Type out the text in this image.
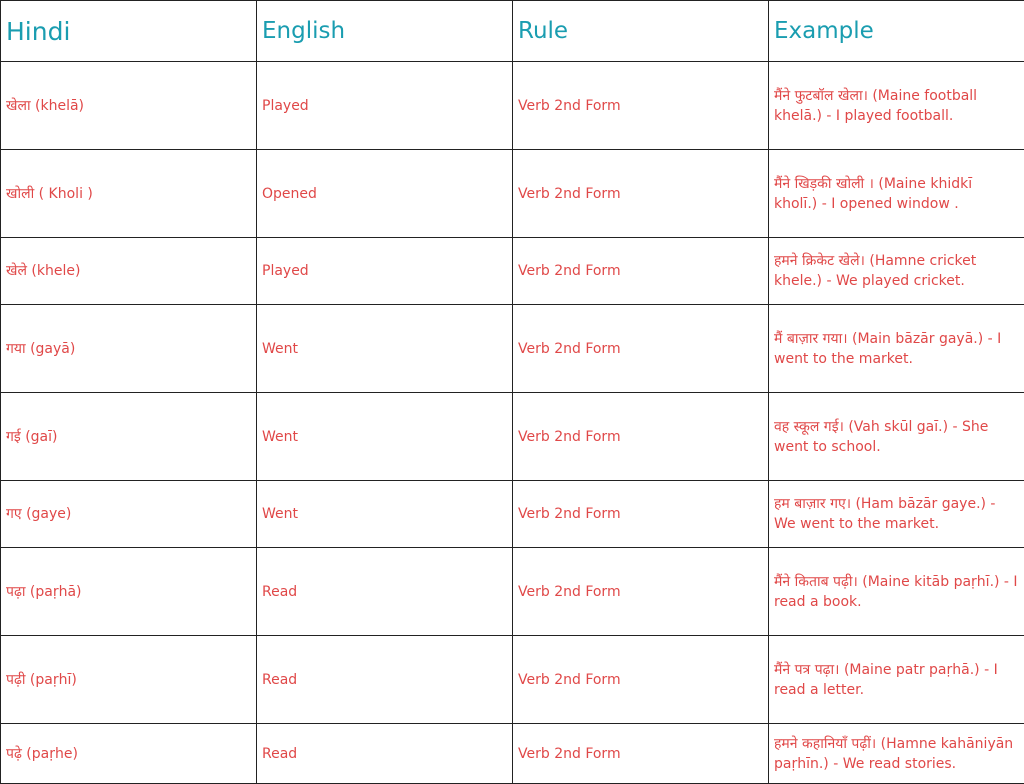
Hindi	English	Rule	Example
खेला (khelā)	Played	Verb 2nd Form	मैंने फुटबॉल खेला। (Maine football khelā.) - I played football.
खोली ( Kholi )	Opened	Verb 2nd Form	मैंने खिड़की खोली । (Maine khidkī kholī.) - I opened window .
खेले (khele)	Played	Verb 2nd Form	हमने क्रिकेट खेले। (Hamne cricket khele.) - We played cricket.
गया (gayā)	Went	Verb 2nd Form	मैं बाज़ार गया। (Main bāzār gayā.) - I went to the market.
गई (gaī)	Went	Verb 2nd Form	वह स्कूल गई। (Vah skūl gaī.) - She went to school.
गए (gaye)	Went	Verb 2nd Form	हम बाज़ार गए। (Ham bāzār gaye.) - We went to the market.
पढ़ा (paṛhā)	Read	Verb 2nd Form	मैंने किताब पढ़ी। (Maine kitāb paṛhī.) - I read a book.
पढ़ी (paṛhī)	Read	Verb 2nd Form	मैंने पत्र पढ़ा। (Maine patr paṛhā.) - I read a letter.
पढ़े (paṛhe)	Read	Verb 2nd Form	हमने कहानियाँ पढ़ीं। (Hamne kahāniyān paṛhīn.) - We read stories.
